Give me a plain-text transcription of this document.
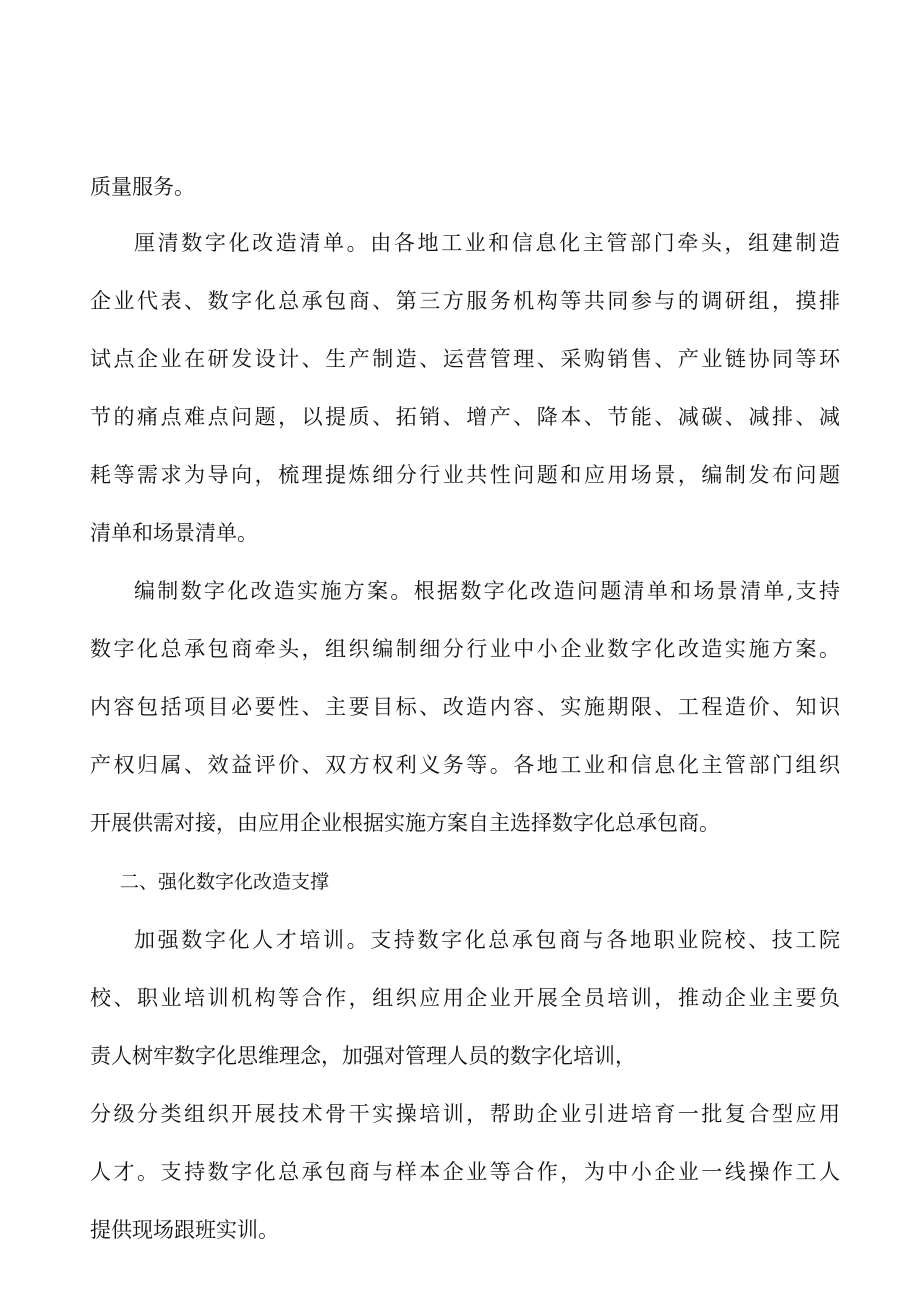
质量服务。
厘清数字化改造清单。由各地工业和信息化主管部门牵头，组建制造
企业代表、数字化总承包商、第三方服务机构等共同参与的调研组，摸排
试点企业在研发设计、生产制造、运营管理、采购销售、产业链协同等环
节的痛点难点问题，以提质、拓销、增产、降本、节能、减碳、减排、减
耗等需求为导向，梳理提炼细分行业共性问题和应用场景，编制发布问题
清单和场景清单。
编制数字化改造实施方案。根据数字化改造问题清单和场景清单,支持
数字化总承包商牵头，组织编制细分行业中小企业数字化改造实施方案。
内容包括项目必要性、主要目标、改造内容、实施期限、工程造价、知识
产权归属、效益评价、双方权利义务等。各地工业和信息化主管部门组织
开展供需对接，由应用企业根据实施方案自主选择数字化总承包商。
二、强化数字化改造支撑
加强数字化人才培训。支持数字化总承包商与各地职业院校、技工院
校、职业培训机构等合作，组织应用企业开展全员培训，推动企业主要负
责人树牢数字化思维理念，加强对管理人员的数字化培训，
分级分类组织开展技术骨干实操培训，帮助企业引进培育一批复合型应用
人才。支持数字化总承包商与样本企业等合作，为中小企业一线操作工人
提供现场跟班实训。
